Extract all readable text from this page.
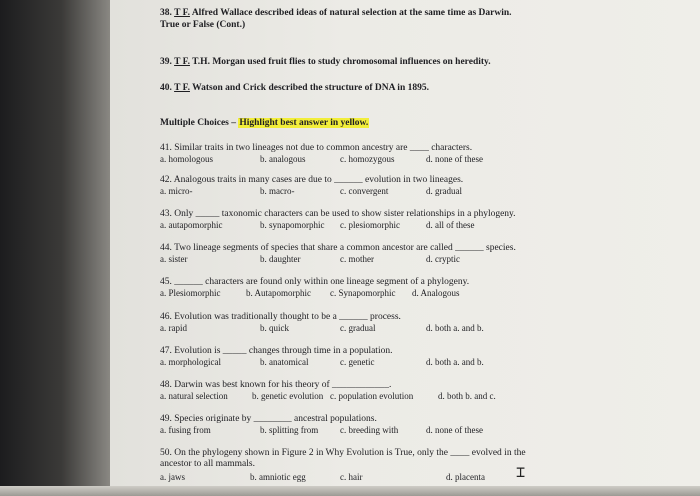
38. T F. Alfred Wallace described ideas of natural selection at the same time as Darwin.
True or False (Cont.)
39. T F. T.H. Morgan used fruit flies to study chromosomal influences on heredity.
40. T F. Watson and Crick described the structure of DNA in 1895.
Multiple Choices – Highlight best answer in yellow.
41. Similar traits in two lineages not due to common ancestry are ____ characters.
a. homologous	b. analogous	c. homozygous	d. none of these
42. Analogous traits in many cases are due to ______ evolution in two lineages.
a. micro-	b. macro-	c. convergent	d. gradual
43. Only _____ taxonomic characters can be used to show sister relationships in a phylogeny.
a. autapomorphic	b. synapomorphic c. plesiomorphic	d. all of these
44. Two lineage segments of species that share a common ancestor are called ______ species.
a. sister	b. daughter	c. mother	d. cryptic
45. ______ characters are found only within one lineage segment of a phylogeny.
a. Plesiomorphic	b. Autapomorphic c. Synapomorphic d. Analogous
46. Evolution was traditionally thought to be a ______ process.
a. rapid	b. quick	c. gradual	d. both a. and b.
47. Evolution is _____ changes through time in a population.
a. morphological	b. anatomical	c. genetic	d. both a. and b.
48. Darwin was best known for his theory of ____________.
a. natural selection	b. genetic evolution c. population evolution	d. both b. and c.
49. Species originate by ________ ancestral populations.
a. fusing from	b. splitting from c. breeding with	d. none of these
50. On the phylogeny shown in Figure 2 in Why Evolution is True, only the ____ evolved in the
ancestor to all mammals.
a. jaws	b. amniotic egg	c. hair	d. placenta ⌶
